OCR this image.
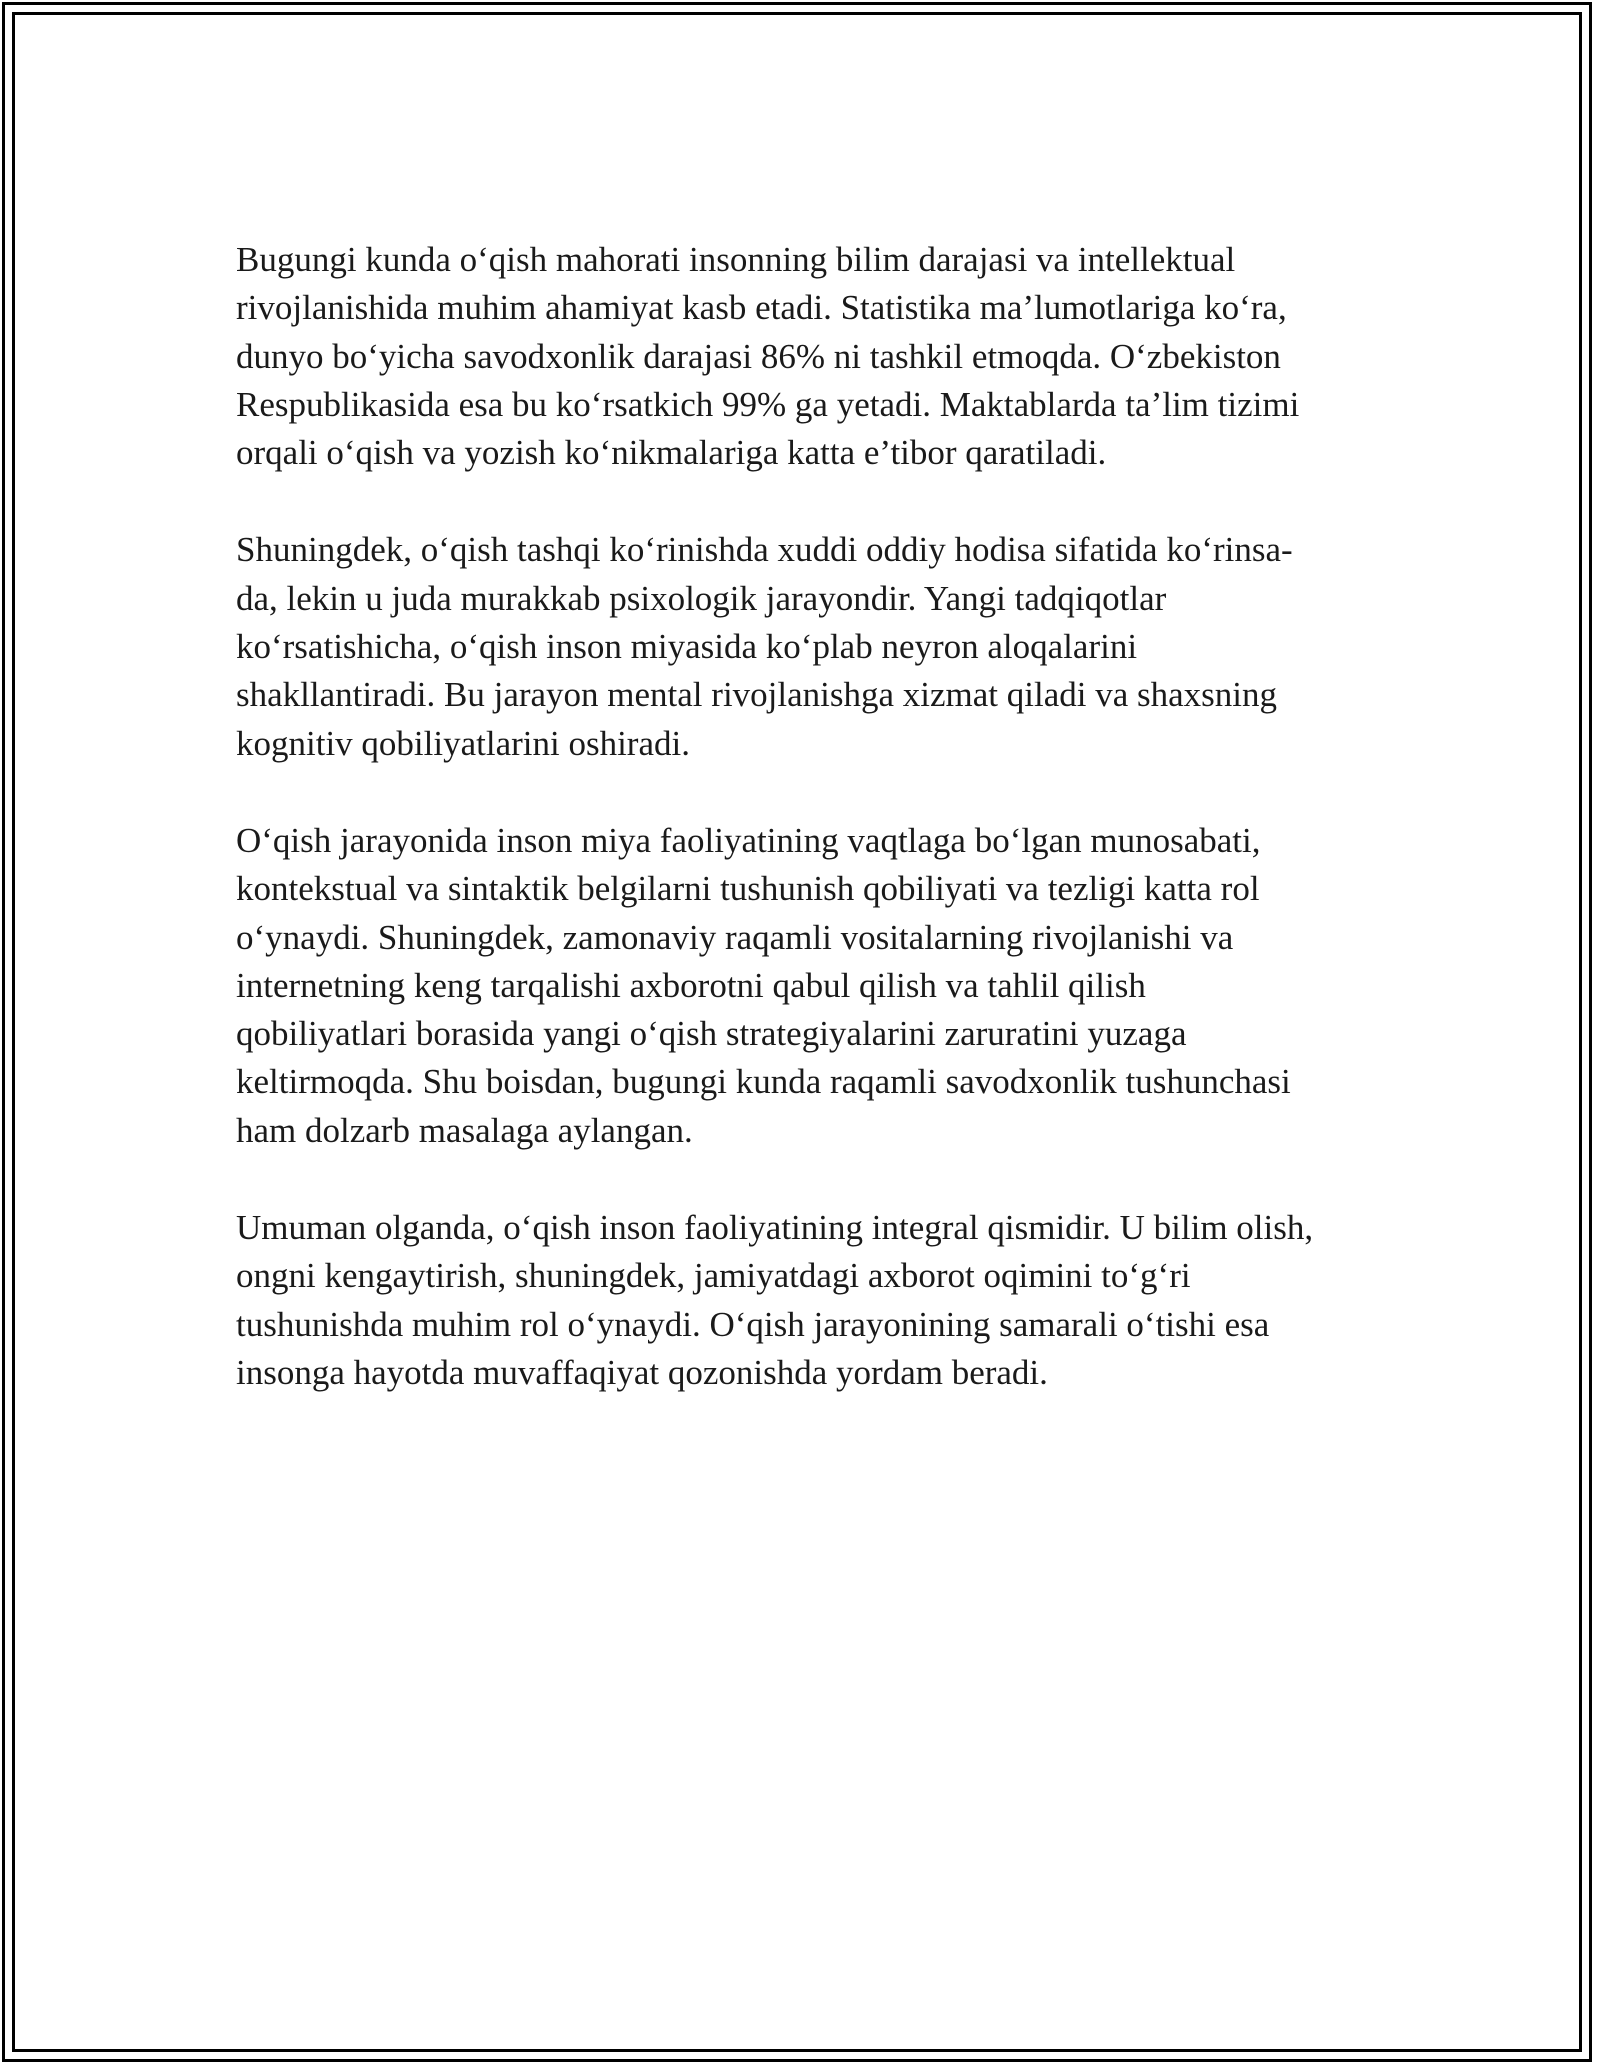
Bugungi kunda o‘qish mahorati insonning bilim darajasi va intellektual
rivojlanishida muhim ahamiyat kasb etadi. Statistika ma’lumotlariga ko‘ra,
dunyo bo‘yicha savodxonlik darajasi 86% ni tashkil etmoqda. O‘zbekiston
Respublikasida esa bu ko‘rsatkich 99% ga yetadi. Maktablarda ta’lim tizimi
orqali o‘qish va yozish ko‘nikmalariga katta e’tibor qaratiladi.

Shuningdek, o‘qish tashqi ko‘rinishda xuddi oddiy hodisa sifatida ko‘rinsa-
da, lekin u juda murakkab psixologik jarayondir. Yangi tadqiqotlar
ko‘rsatishicha, o‘qish inson miyasida ko‘plab neyron aloqalarini
shakllantiradi. Bu jarayon mental rivojlanishga xizmat qiladi va shaxsning
kognitiv qobiliyatlarini oshiradi.

O‘qish jarayonida inson miya faoliyatining vaqtlaga bo‘lgan munosabati,
kontekstual va sintaktik belgilarni tushunish qobiliyati va tezligi katta rol
o‘ynaydi. Shuningdek, zamonaviy raqamli vositalarning rivojlanishi va
internetning keng tarqalishi axborotni qabul qilish va tahlil qilish
qobiliyatlari borasida yangi o‘qish strategiyalarini zaruratini yuzaga
keltirmoqda. Shu boisdan, bugungi kunda raqamli savodxonlik tushunchasi
ham dolzarb masalaga aylangan.

Umuman olganda, o‘qish inson faoliyatining integral qismidir. U bilim olish,
ongni kengaytirish, shuningdek, jamiyatdagi axborot oqimini to‘g‘ri
tushunishda muhim rol o‘ynaydi. O‘qish jarayonining samarali o‘tishi esa
insonga hayotda muvaffaqiyat qozonishda yordam beradi.
